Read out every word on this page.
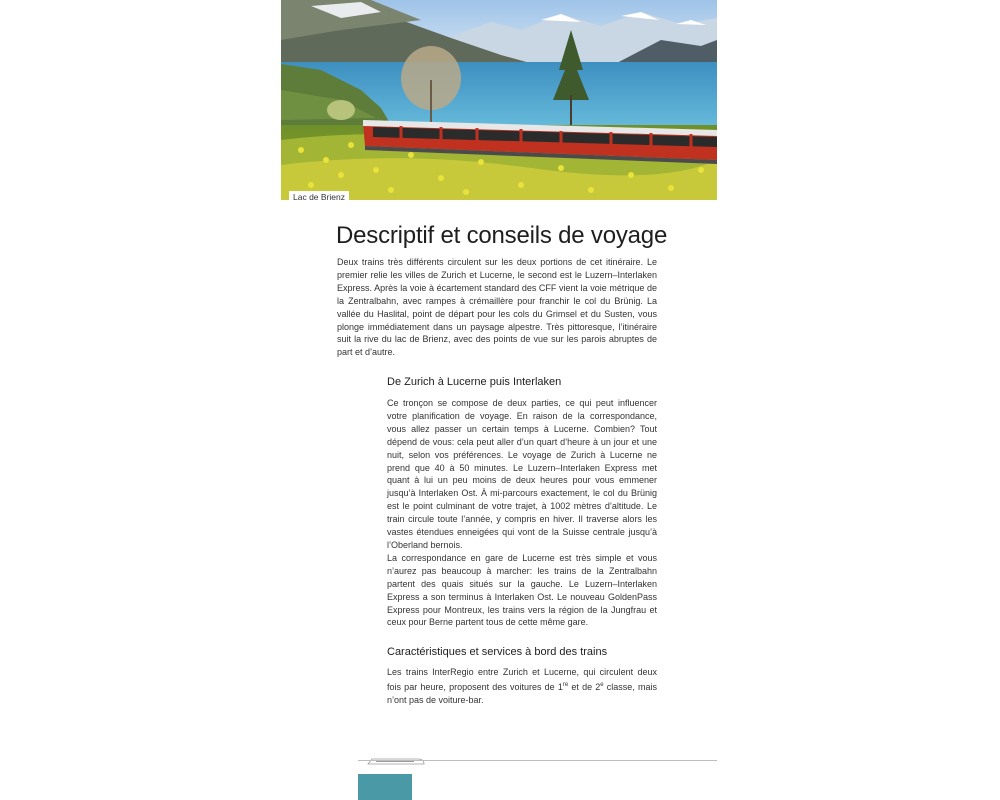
Lac de Brienz
Descriptif et conseils de voyage

Deux trains très différents circulent sur les deux portions de cet itinéraire. Le premier relie les villes de Zurich et Lucerne, le second est le Luzern–Interlaken Express. Après la voie à écartement standard des CFF vient la voie métrique de la Zentralbahn, avec rampes à crémaillère pour franchir le col du Brünig. La vallée du Haslital, point de départ pour les cols du Grimsel et du Susten, vous plonge immédiatement dans un paysage alpestre. Très pittoresque, l’itinéraire suit la rive du lac de Brienz, avec des points de vue sur les parois abruptes de part et d’autre.

De Zurich à Lucerne puis Interlaken

Ce tronçon se compose de deux parties, ce qui peut influencer votre planification de voyage. En raison de la correspondance, vous allez passer un certain temps à Lucerne. Combien? Tout dépend de vous: cela peut aller d’un quart d’heure à un jour et une nuit, selon vos préférences. Le voyage de Zurich à Lucerne ne prend que 40 à 50 minutes. Le Luzern–Interlaken Express met quant à lui un peu moins de deux heures pour vous emmener jusqu’à Interlaken Ost. À mi-parcours exactement, le col du Brünig est le point culminant de votre trajet, à 1002 mètres d’altitude. Le train circule toute l’année, y compris en hiver. Il traverse alors les vastes étendues enneigées qui vont de la Suisse centrale jusqu’à l’Oberland bernois.

La correspondance en gare de Lucerne est très simple et vous n’aurez pas beaucoup à marcher: les trains de la Zentralbahn partent des quais situés sur la gauche. Le Luzern–Interlaken Express a son terminus à Interlaken Ost. Le nouveau GoldenPass Express pour Montreux, les trains vers la région de la Jungfrau et ceux pour Berne partent tous de cette même gare.

Caractéristiques et services à bord des trains

Les trains InterRegio entre Zurich et Lucerne, qui circulent deux fois par heure, proposent des voitures de 1re et de 2e classe, mais n’ont pas de voiture-bar.
